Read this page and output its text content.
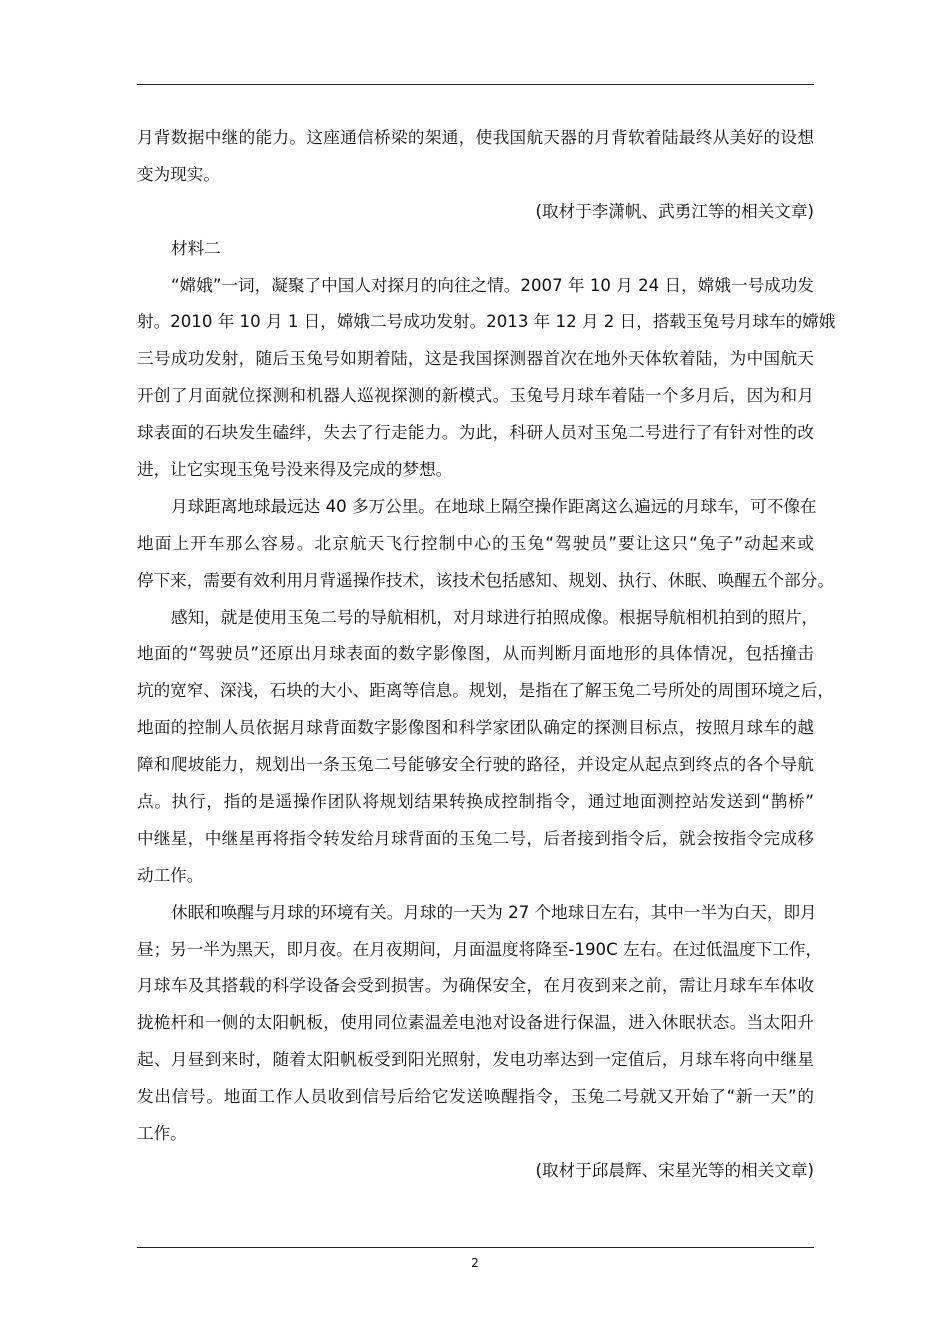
月背数据中继的能力。这座通信桥梁的架通，使我国航天器的月背软着陆最终从美好的设想
变为现实。
(取材于李潇帆、武勇江等的相关文章)
材料二
“嫦娥”一词，凝聚了中国人对探月的向往之情。2007 年 10 月 24 日，嫦娥一号成功发
射。2010 年 10 月 1 日，嫦娥二号成功发射。2013 年 12 月 2 日，搭载玉兔号月球车的嫦娥
三号成功发射，随后玉兔号如期着陆，这是我国探测器首次在地外天体软着陆，为中国航天
开创了月面就位探测和机器人巡视探测的新模式。玉兔号月球车着陆一个多月后，因为和月
球表面的石块发生磕绊，失去了行走能力。为此，科研人员对玉兔二号进行了有针对性的改
进，让它实现玉兔号没来得及完成的梦想。
月球距离地球最远达 40 多万公里。在地球上隔空操作距离这么遍远的月球车，可不像在
地面上开车那么容易。北京航天飞行控制中心的玉兔“驾驶员”要让这只“兔子”动起来或
停下来，需要有效利用月背遥操作技术，该技术包括感知、规划、执行、休眠、唤醒五个部分。
感知，就是使用玉兔二号的导航相机，对月球进行拍照成像。根据导航相机拍到的照片，
地面的“驾驶员”还原出月球表面的数字影像图，从而判断月面地形的具体情况，包括撞击
坑的宽窄、深浅，石块的大小、距离等信息。规划，是指在了解玉兔二号所处的周围环境之后，
地面的控制人员依据月球背面数字影像图和科学家团队确定的探测目标点，按照月球车的越
障和爬坡能力，规划出一条玉兔二号能够安全行驶的路径，并设定从起点到终点的各个导航
点。执行，指的是遥操作团队将规划结果转换成控制指令，通过地面测控站发送到“鹊桥”
中继星，中继星再将指令转发给月球背面的玉兔二号，后者接到指令后，就会按指令完成移
动工作。
休眠和唤醒与月球的环境有关。月球的一天为 27 个地球日左右，其中一半为白天，即月
昼；另一半为黑天，即月夜。在月夜期间，月面温度将降至-190C 左右。在过低温度下工作，
月球车及其搭载的科学设备会受到损害。为确保安全，在月夜到来之前，需让月球车车体收
拢桅杆和一侧的太阳帆板，使用同位素温差电池对设备进行保温，进入休眠状态。当太阳升
起、月昼到来时，随着太阳帆板受到阳光照射，发电功率达到一定值后，月球车将向中继星
发出信号。地面工作人员收到信号后给它发送唤醒指令，玉兔二号就又开始了“新一天”的
工作。
(取材于邱晨辉、宋星光等的相关文章)
2
